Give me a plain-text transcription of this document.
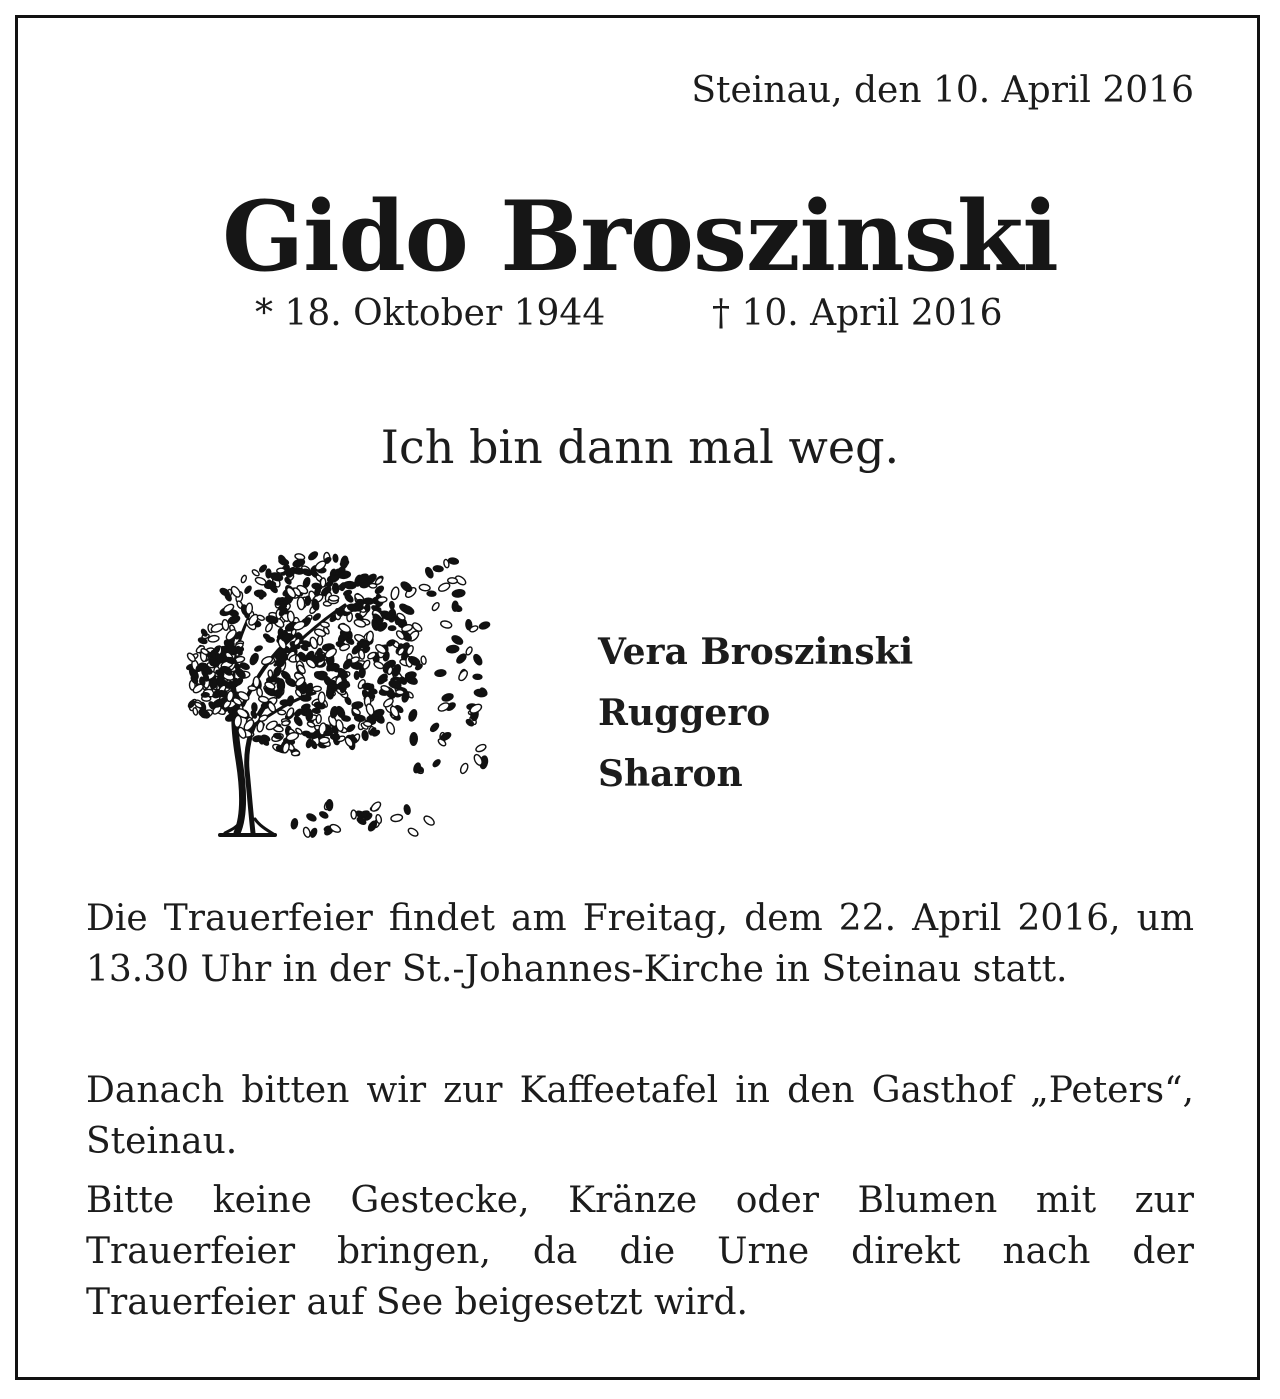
Steinau, den 10. April 2016
Gido Broszinski
* 18. Oktober 1944	† 10. April 2016
Ich bin dann mal weg.
Vera Broszinski
Ruggero
Sharon
Die Trauerfeier findet am Freitag, dem 22. April 2016, um 13.30 Uhr in der St.-Johannes-Kirche in Steinau statt.
Danach bitten wir zur Kaffeetafel in den Gasthof „Peters“, Steinau.
Bitte keine Gestecke, Kränze oder Blumen mit zur Trauerfeier bringen, da die Urne direkt nach der Trauerfeier auf See beigesetzt wird.
